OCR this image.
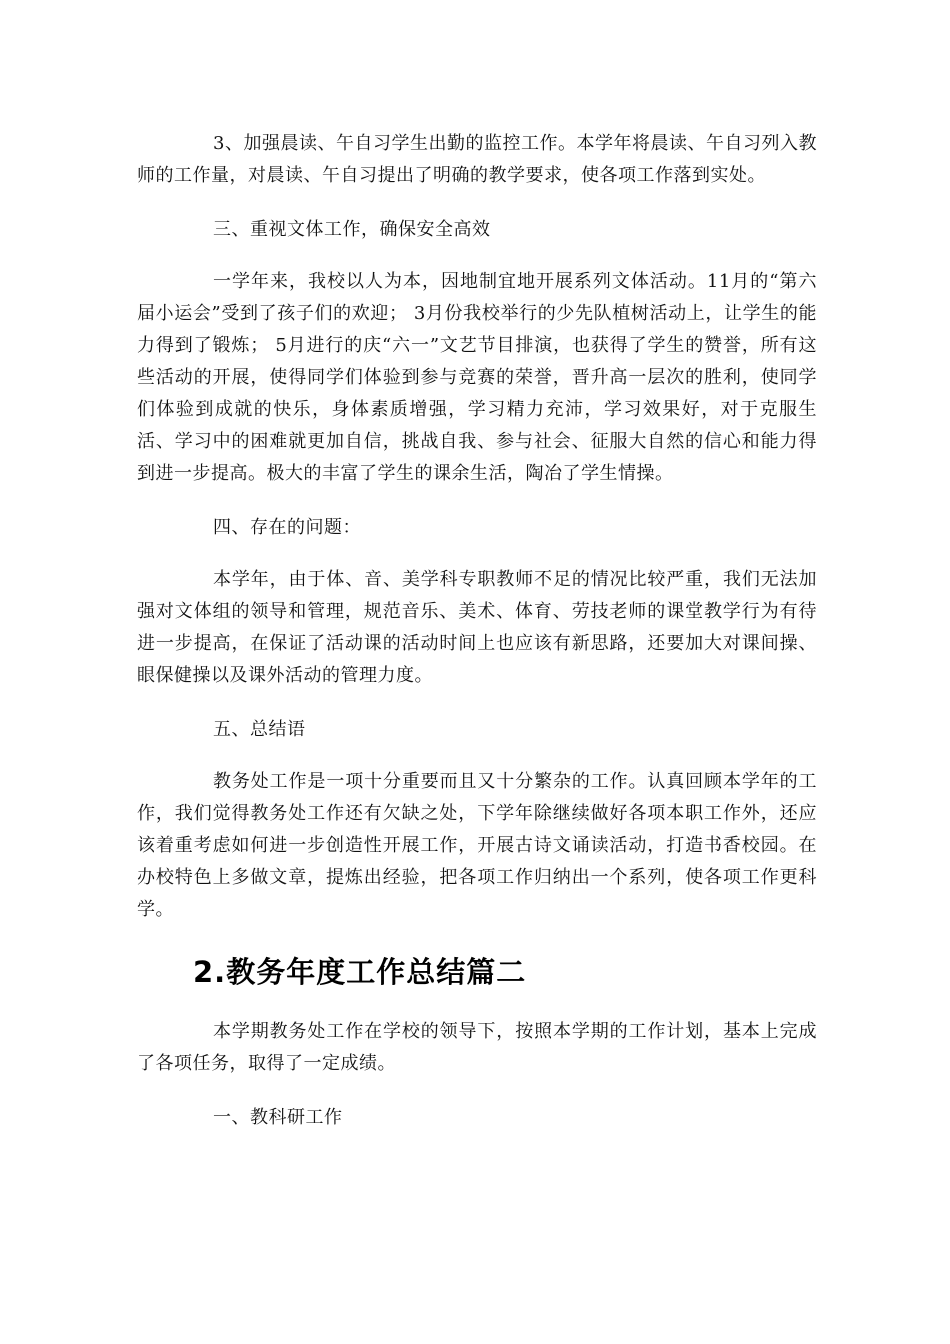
3、加强晨读、午自习学生出勤的监控工作。本学年将晨读、午自习列入教师的工作量，对晨读、午自习提出了明确的教学要求，使各项工作落到实处。

三、重视文体工作，确保安全高效

一学年来，我校以人为本，因地制宜地开展系列文体活动。11月的“第六届小运会”受到了孩子们的欢迎； 3月份我校举行的少先队植树活动上，让学生的能力得到了锻炼； 5月进行的庆“六一”文艺节目排演，也获得了学生的赞誉，所有这些活动的开展，使得同学们体验到参与竞赛的荣誉，晋升高一层次的胜利，使同学们体验到成就的快乐，身体素质增强，学习精力充沛，学习效果好，对于克服生活、学习中的困难就更加自信，挑战自我、参与社会、征服大自然的信心和能力得到进一步提高。极大的丰富了学生的课余生活，陶冶了学生情操。

四、存在的问题：

本学年，由于体、音、美学科专职教师不足的情况比较严重，我们无法加强对文体组的领导和管理，规范音乐、美术、体育、劳技老师的课堂教学行为有待进一步提高，在保证了活动课的活动时间上也应该有新思路，还要加大对课间操、眼保健操以及课外活动的管理力度。

五、总结语

教务处工作是一项十分重要而且又十分繁杂的工作。认真回顾本学年的工作，我们觉得教务处工作还有欠缺之处，下学年除继续做好各项本职工作外，还应该着重考虑如何进一步创造性开展工作，开展古诗文诵读活动，打造书香校园。在办校特色上多做文章，提炼出经验，把各项工作归纳出一个系列，使各项工作更科学。

2.教务年度工作总结篇二

本学期教务处工作在学校的领导下，按照本学期的工作计划，基本上完成了各项任务，取得了一定成绩。

一、教科研工作
